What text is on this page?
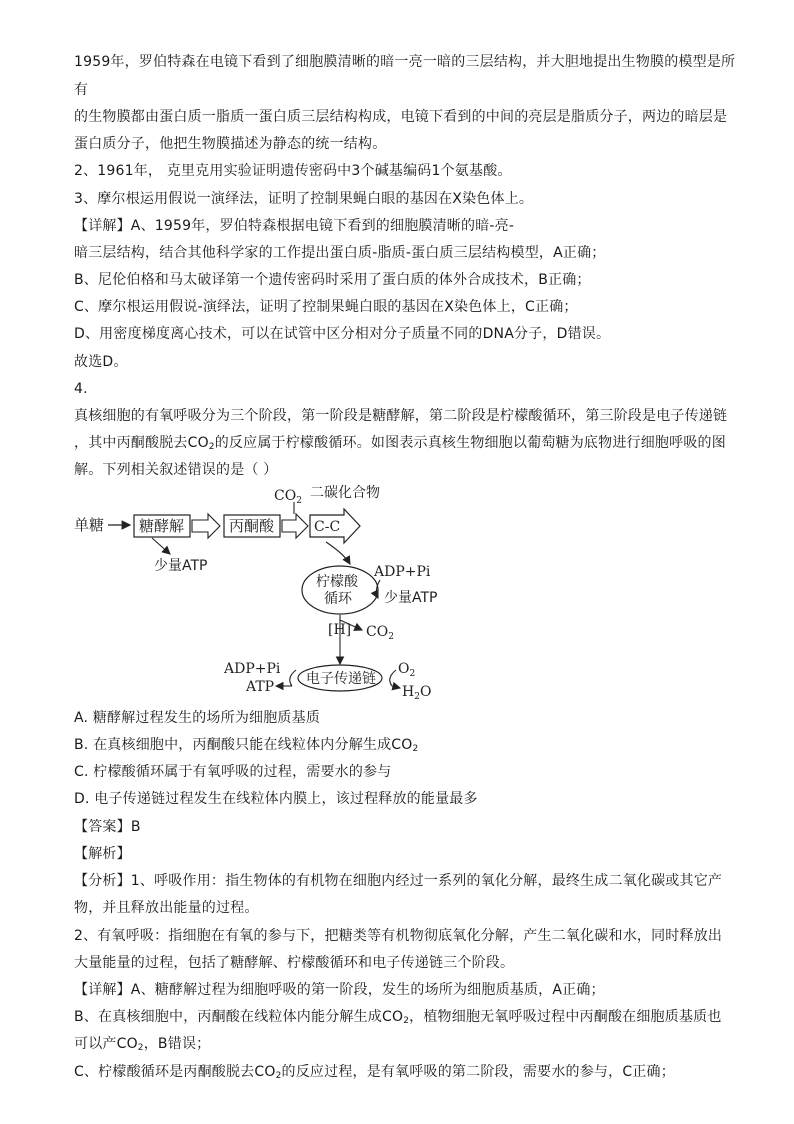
1959年，罗伯特森在电镜下看到了细胞膜清晰的暗一亮一暗的三层结构，并大胆地提出生物膜的模型是所
有
的生物膜都由蛋白质一脂质一蛋白质三层结构构成，电镜下看到的中间的亮层是脂质分子，两边的暗层是
蛋白质分子，他把生物膜描述为静态的统一结构。
2、1961年， 克里克用实验证明遗传密码中3个碱基编码1个氨基酸。
3、摩尔根运用假说一演绎法，证明了控制果蝇白眼的基因在X染色体上。
【详解】A、1959年，罗伯特森根据电镜下看到的细胞膜清晰的暗-亮-
暗三层结构，结合其他科学家的工作提出蛋白质-脂质-蛋白质三层结构模型，A正确；
B、尼伦伯格和马太破译第一个遗传密码时采用了蛋白质的体外合成技术，B正确；
C、摩尔根运用假说-演绎法，证明了控制果蝇白眼的基因在X染色体上，C正确；
D、用密度梯度离心技术，可以在试管中区分相对分子质量不同的DNA分子，D错误。
故选D。
4.
真核细胞的有氧呼吸分为三个阶段，第一阶段是糖酵解，第二阶段是柠檬酸循环，第三阶段是电子传递链
，其中丙酮酸脱去$CO_2$的反应属于柠檬酸循环。如图表示真核生物细胞以葡萄糖为底物进行细胞呼吸的图
解。下列相关叙述错误的是（ ）
单糖 糖酵解	丙酮酸	C-C
$CO_2$ 二碳化合物
少量ATP
柠檬酸
循环
ADP+Pi
少量ATP
[H] $CO_2$
电子传递链
ADP+Pi
ATP
$O_2$
$H_2O$
A. 糖酵解过程发生的场所为细胞质基质
B. 在真核细胞中，丙酮酸只能在线粒体内分解生成$CO_2$
C. 柠檬酸循环属于有氧呼吸的过程，需要水的参与
D. 电子传递链过程发生在线粒体内膜上，该过程释放的能量最多
【答案】B
【解析】
【分析】1、呼吸作用：指生物体的有机物在细胞内经过一系列的氧化分解，最终生成二氧化碳或其它产
物，并且释放出能量的过程。
2、有氧呼吸：指细胞在有氧的参与下，把糖类等有机物彻底氧化分解，产生二氧化碳和水，同时释放出
大量能量的过程，包括了糖酵解、柠檬酸循环和电子传递链三个阶段。
【详解】A、糖酵解过程为细胞呼吸的第一阶段，发生的场所为细胞质基质，A正确；
B、在真核细胞中，丙酮酸在线粒体内能分解生成$CO_2$，植物细胞无氧呼吸过程中丙酮酸在细胞质基质也
可以产$CO_2$，B错误；
C、柠檬酸循环是丙酮酸脱去$CO_2$的反应过程，是有氧呼吸的第二阶段，需要水的参与，C正确；
